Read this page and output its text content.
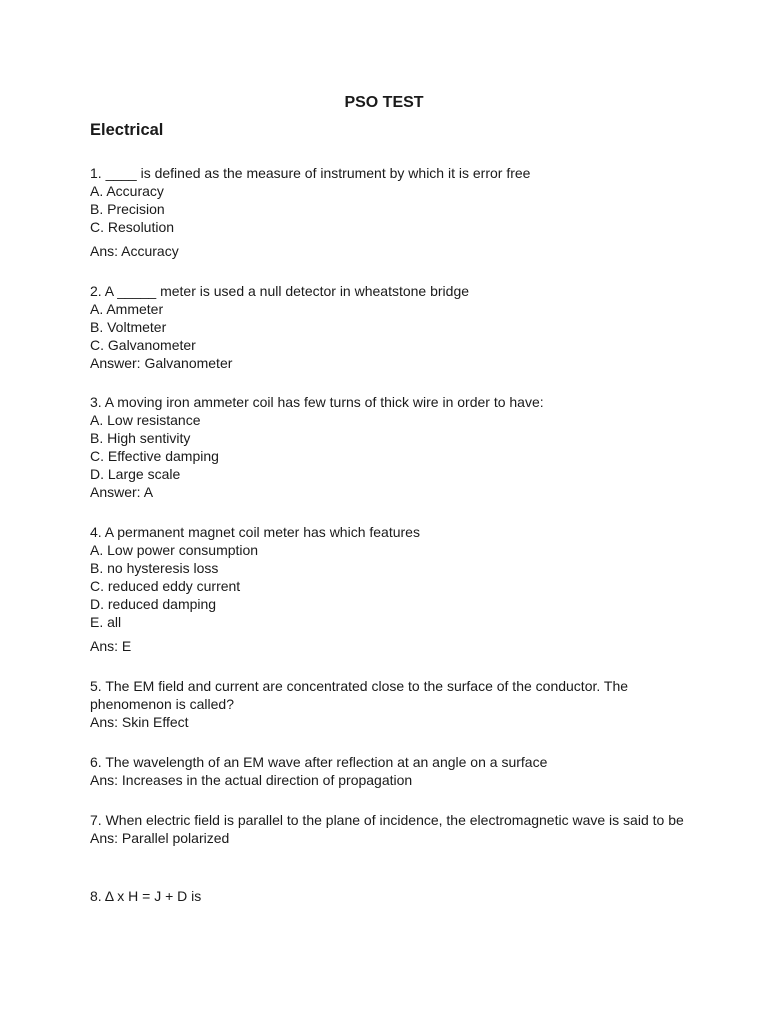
PSO TEST
Electrical
1. ____ is defined as the measure of instrument by which it is error free
A. Accuracy
B. Precision
C. Resolution
Ans: Accuracy
2. A _____ meter is used a null detector in wheatstone bridge
A. Ammeter
B. Voltmeter
C. Galvanometer
Answer: Galvanometer
3. A moving iron ammeter coil has few turns of thick wire in order to have:
A. Low resistance
B. High sentivity
C. Effective damping
D. Large scale
Answer: A
4. A permanent magnet coil meter has which features
A. Low power consumption
B. no hysteresis loss
C. reduced eddy current
D. reduced damping
E. all
Ans: E
5. The EM field and current are concentrated close to the surface of the conductor. The phenomenon is called?
Ans: Skin Effect
6. The wavelength of an EM wave after reflection at an angle on a surface
Ans: Increases in the actual direction of propagation
7. When electric field is parallel to the plane of incidence, the electromagnetic wave is said to be
Ans: Parallel polarized
8. Δ x H = J + D is
